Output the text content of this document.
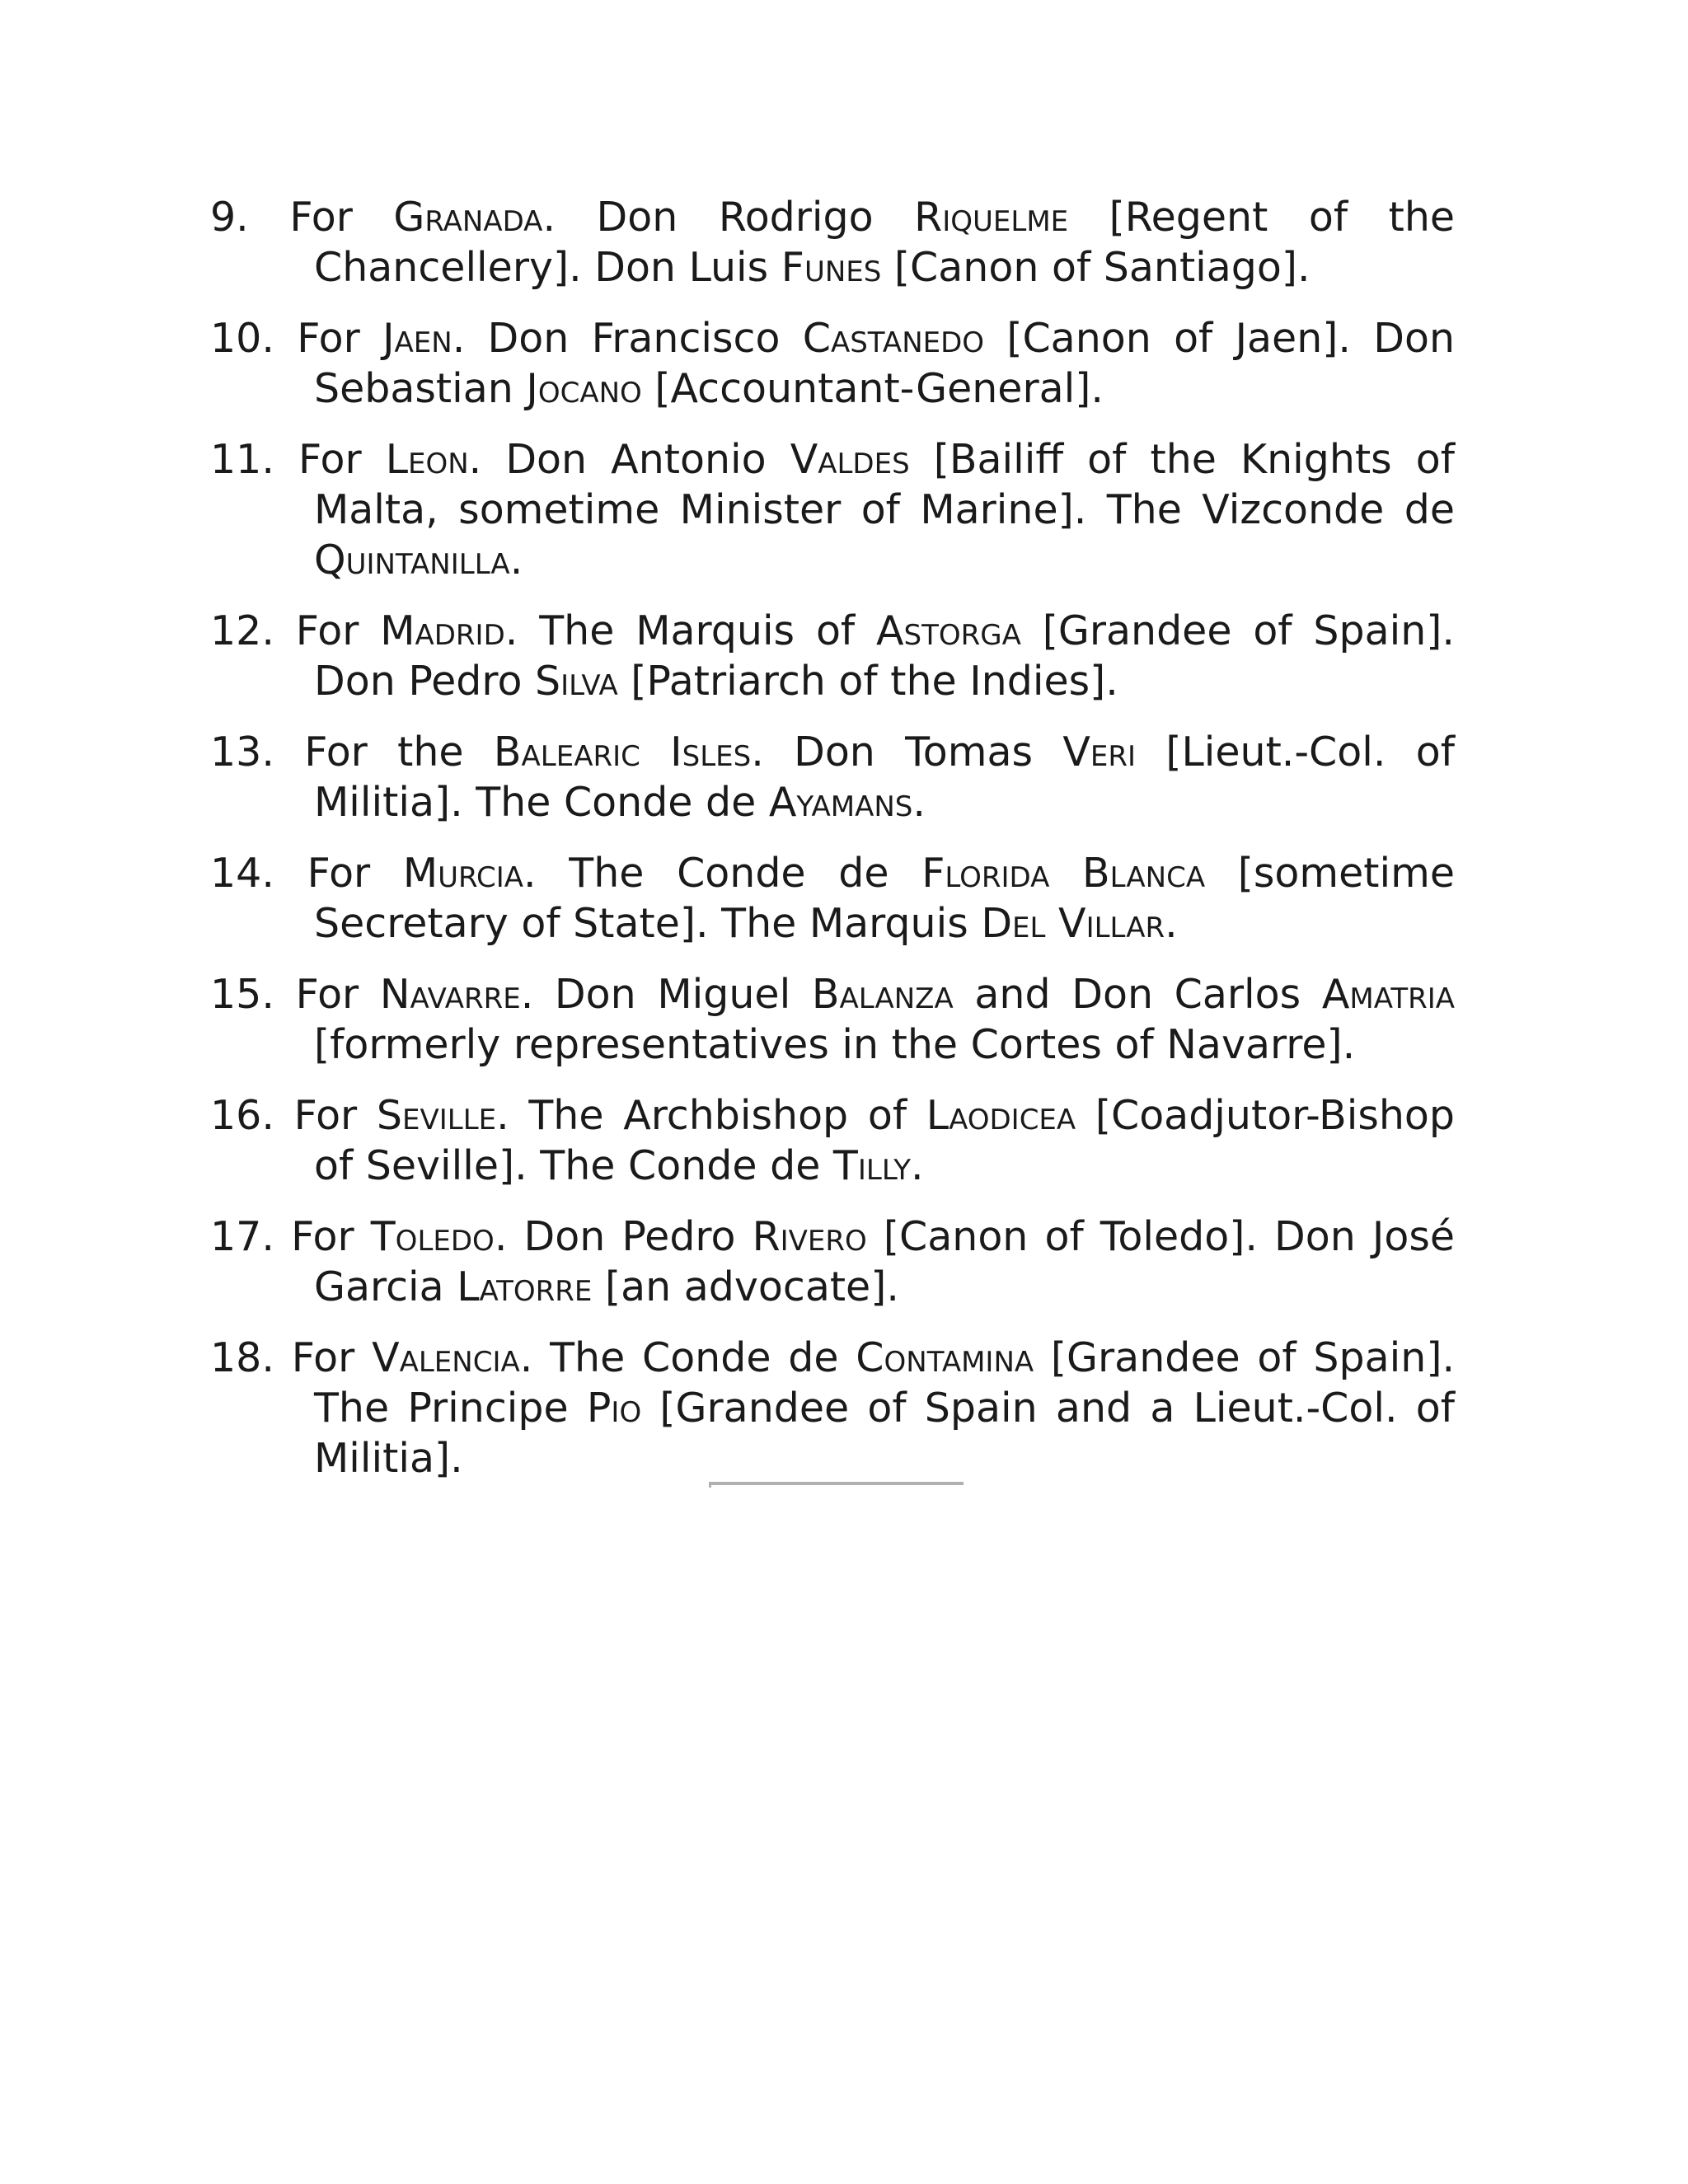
9. For Granada. Don Rodrigo Riquelme [Regent of the Chancellery]. Don Luis Funes [Canon of Santiago].

10. For Jaen. Don Francisco Castanedo [Canon of Jaen]. Don Sebastian Jocano [Accountant-General].

11. For Leon. Don Antonio Valdes [Bailiff of the Knights of Malta, sometime Minister of Marine]. The Vizconde de Quintanilla.

12. For Madrid. The Marquis of Astorga [Grandee of Spain]. Don Pedro Silva [Patriarch of the Indies].

13. For the Balearic Isles. Don Tomas Veri [Lieut.-Col. of Militia]. The Conde de Ayamans.

14. For Murcia. The Conde de Florida Blanca [sometime Secretary of State]. The Marquis Del Villar.

15. For Navarre. Don Miguel Balanza and Don Carlos Amatria [formerly representatives in the Cortes of Navarre].

16. For Seville. The Archbishop of Laodicea [Coadjutor-Bishop of Seville]. The Conde de Tilly.

17. For Toledo. Don Pedro Rivero [Canon of Toledo]. Don José Garcia Latorre [an advocate].

18. For Valencia. The Conde de Contamina [Grandee of Spain]. The Principe Pio [Grandee of Spain and a Lieut.-Col. of Militia].
